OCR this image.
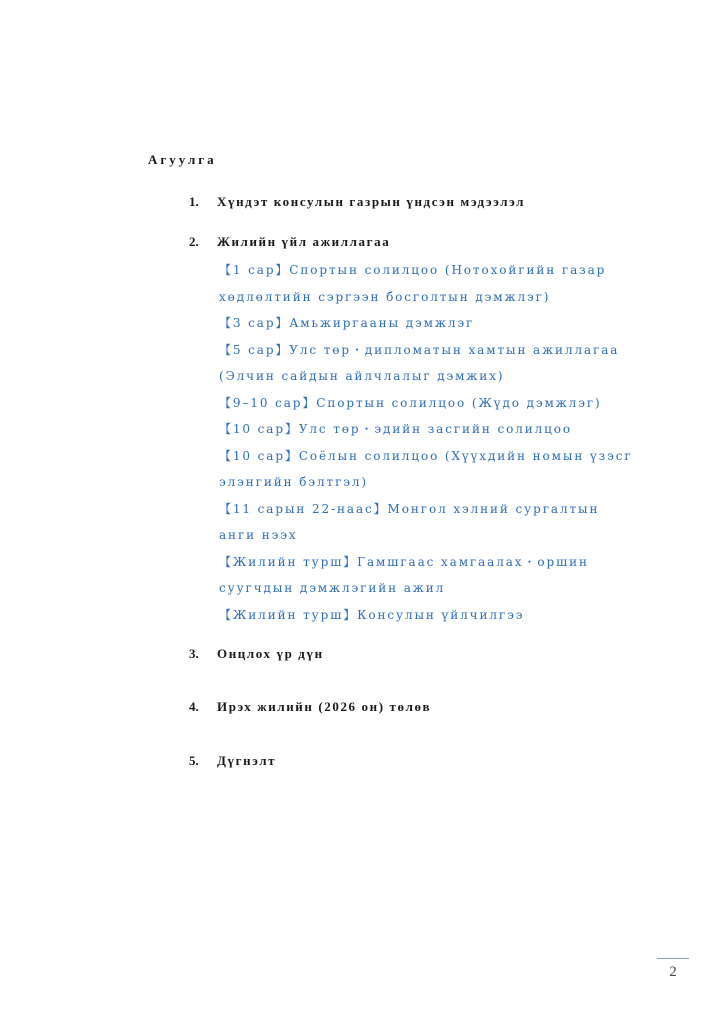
Агуулга
1.	Хүндэт консулын газрын үндсэн мэдээлэл
2.	Жилийн үйл ажиллагаа
【1 сар】Спортын солилцоо (Нотохойгийн газар
хөдлөлтийн сэргээн босголтын дэмжлэг)
【3 сар】Амьжиргааны дэмжлэг
【5 сар】Улс төр・дипломатын хамтын ажиллагаа
(Элчин сайдын айлчлалыг дэмжих)
【9–10 сар】Спортын солилцоо (Жүдо дэмжлэг)
【10 сар】Улс төр・эдийн засгийн солилцоо
【10 сар】Соёлын солилцоо (Хүүхдийн номын үзэсг
элэнгийн бэлтгэл)
【11 сарын 22-наас】Монгол хэлний сургалтын
анги нээх
【Жилийн турш】Гамшгаас хамгаалах・оршин
суугчдын дэмжлэгийн ажил
【Жилийн турш】Консулын үйлчилгээ
3.	Онцлох үр дүн
4.	Ирэх жилийн (2026 он) төлөв
5.	Дүгнэлт
2
